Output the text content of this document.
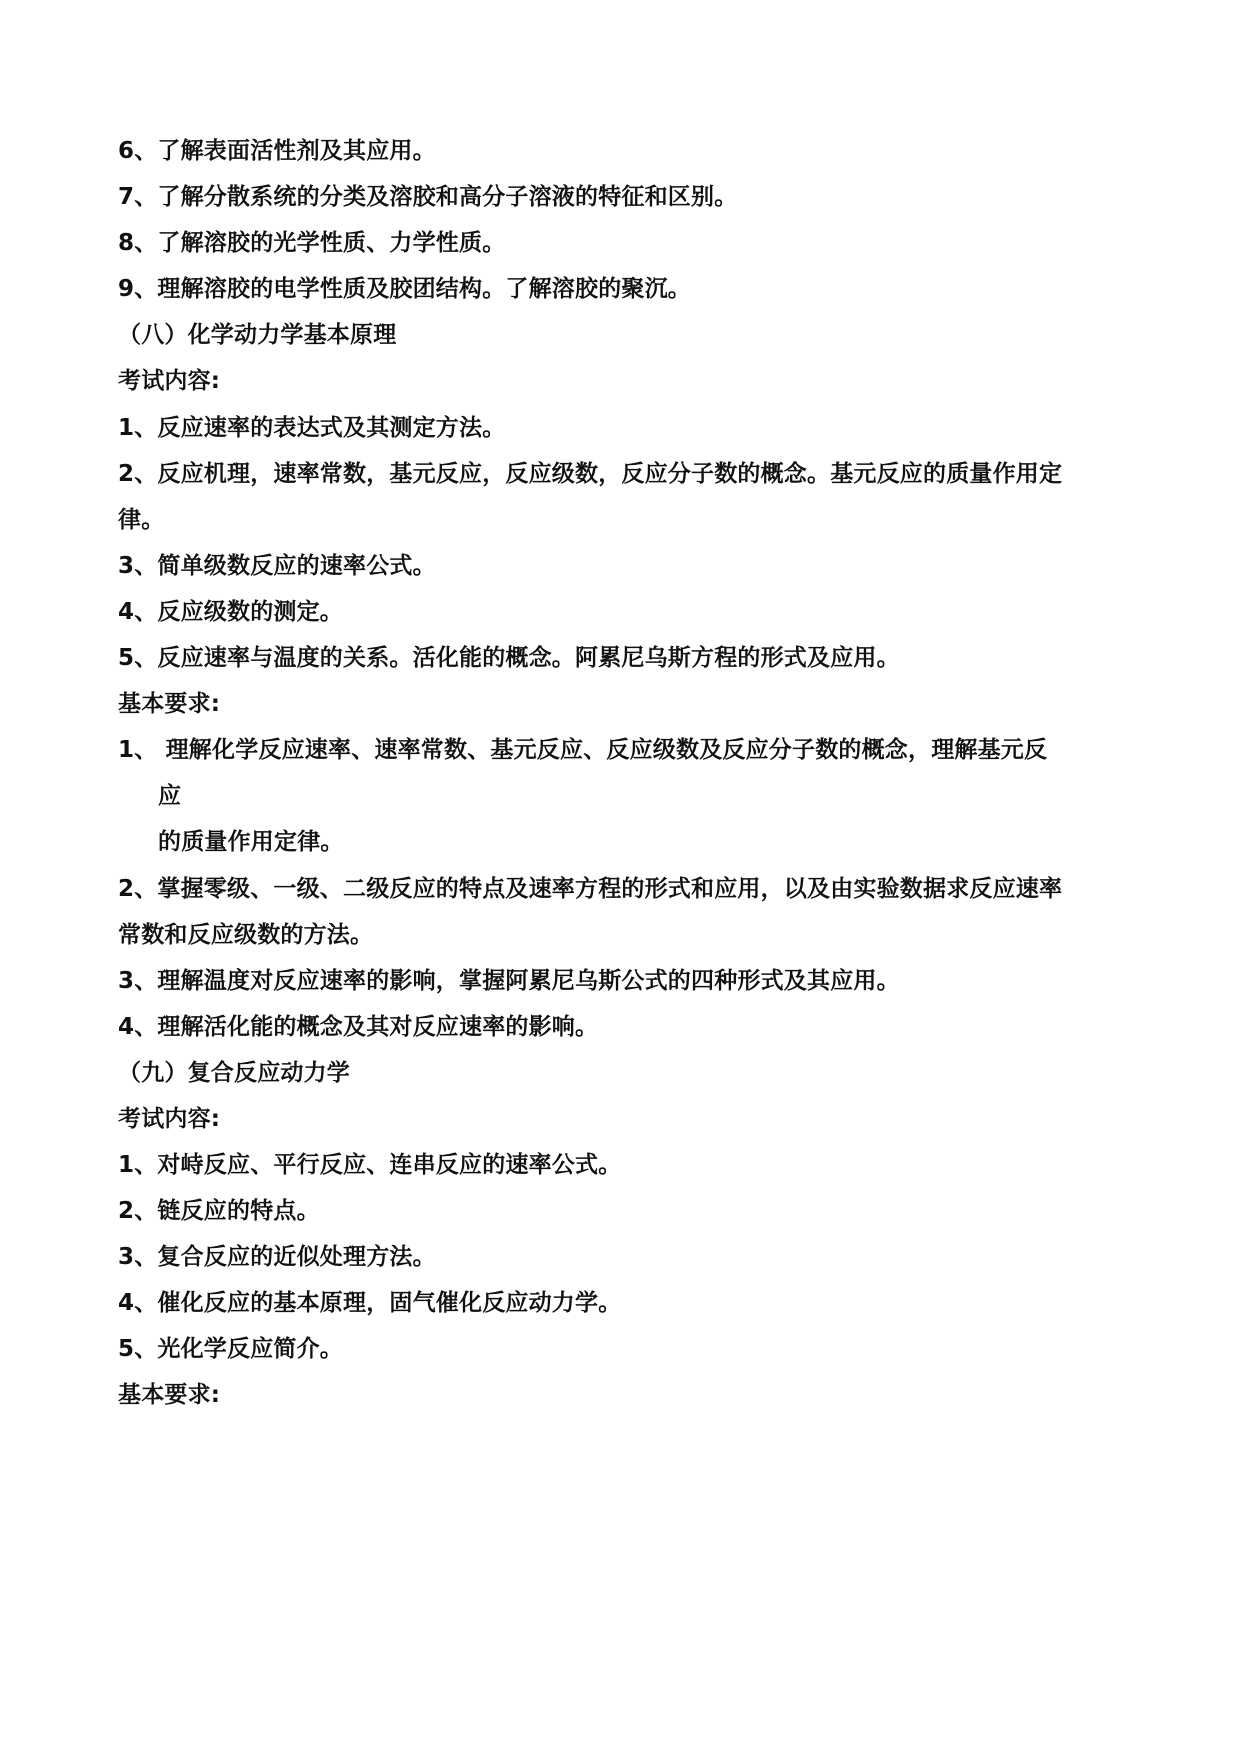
6、了解表面活性剂及其应用。
7、了解分散系统的分类及溶胶和高分子溶液的特征和区别。
8、了解溶胶的光学性质、力学性质。
9、理解溶胶的电学性质及胶团结构。了解溶胶的聚沉。
（八）化学动力学基本原理
考试内容:
1、反应速率的表达式及其测定方法。
2、反应机理，速率常数，基元反应，反应级数，反应分子数的概念。基元反应的质量作用定
律。
3、简单级数反应的速率公式。
4、反应级数的测定。
5、反应速率与温度的关系。活化能的概念。阿累尼乌斯方程的形式及应用。
基本要求:
1、 理解化学反应速率、速率常数、基元反应、反应级数及反应分子数的概念，理解基元反
应
的质量作用定律。
2、掌握零级、一级、二级反应的特点及速率方程的形式和应用，以及由实验数据求反应速率
常数和反应级数的方法。
3、理解温度对反应速率的影响，掌握阿累尼乌斯公式的四种形式及其应用。
4、理解活化能的概念及其对反应速率的影响。
（九）复合反应动力学
考试内容:
1、对峙反应、平行反应、连串反应的速率公式。
2、链反应的特点。
3、复合反应的近似处理方法。
4、催化反应的基本原理，固气催化反应动力学。
5、光化学反应简介。
基本要求:
